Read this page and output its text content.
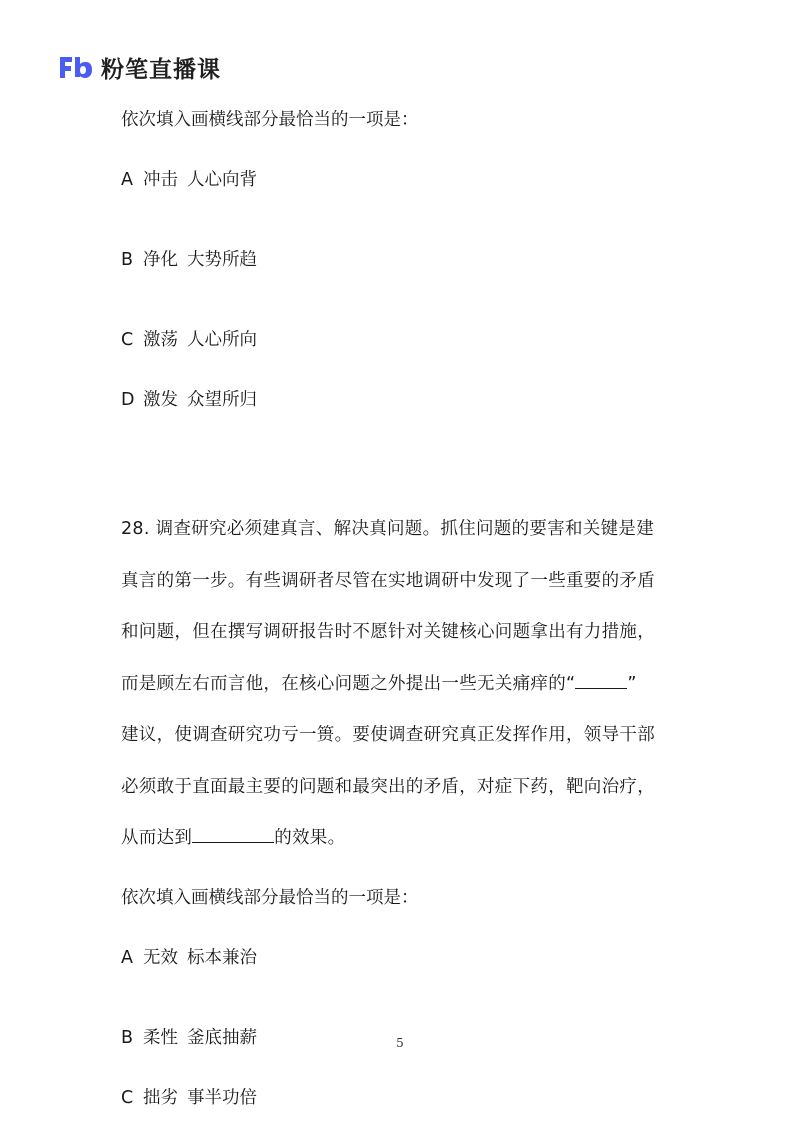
粉笔直播课
依次填入画横线部分最恰当的一项是：
A 冲击 人心向背
B 净化 大势所趋
C 激荡 人心所向
D 激发 众望所归

28. 调查研究必须建真言、解决真问题。抓住问题的要害和关键是建

真言的第一步。有些调研者尽管在实地调研中发现了一些重要的矛盾

和问题，但在撰写调研报告时不愿针对关键核心问题拿出有力措施，

而是顾左右而言他，在核心问题之外提出一些无关痛痒的“	”

建议，使调查研究功亏一篑。要使调查研究真正发挥作用，领导干部

必须敢于直面最主要的问题和最突出的矛盾，对症下药，靶向治疗，

从而达到	的效果。

依次填入画横线部分最恰当的一项是：
A 无效 标本兼治
B 柔性 釜底抽薪
C 拙劣 事半功倍
5
